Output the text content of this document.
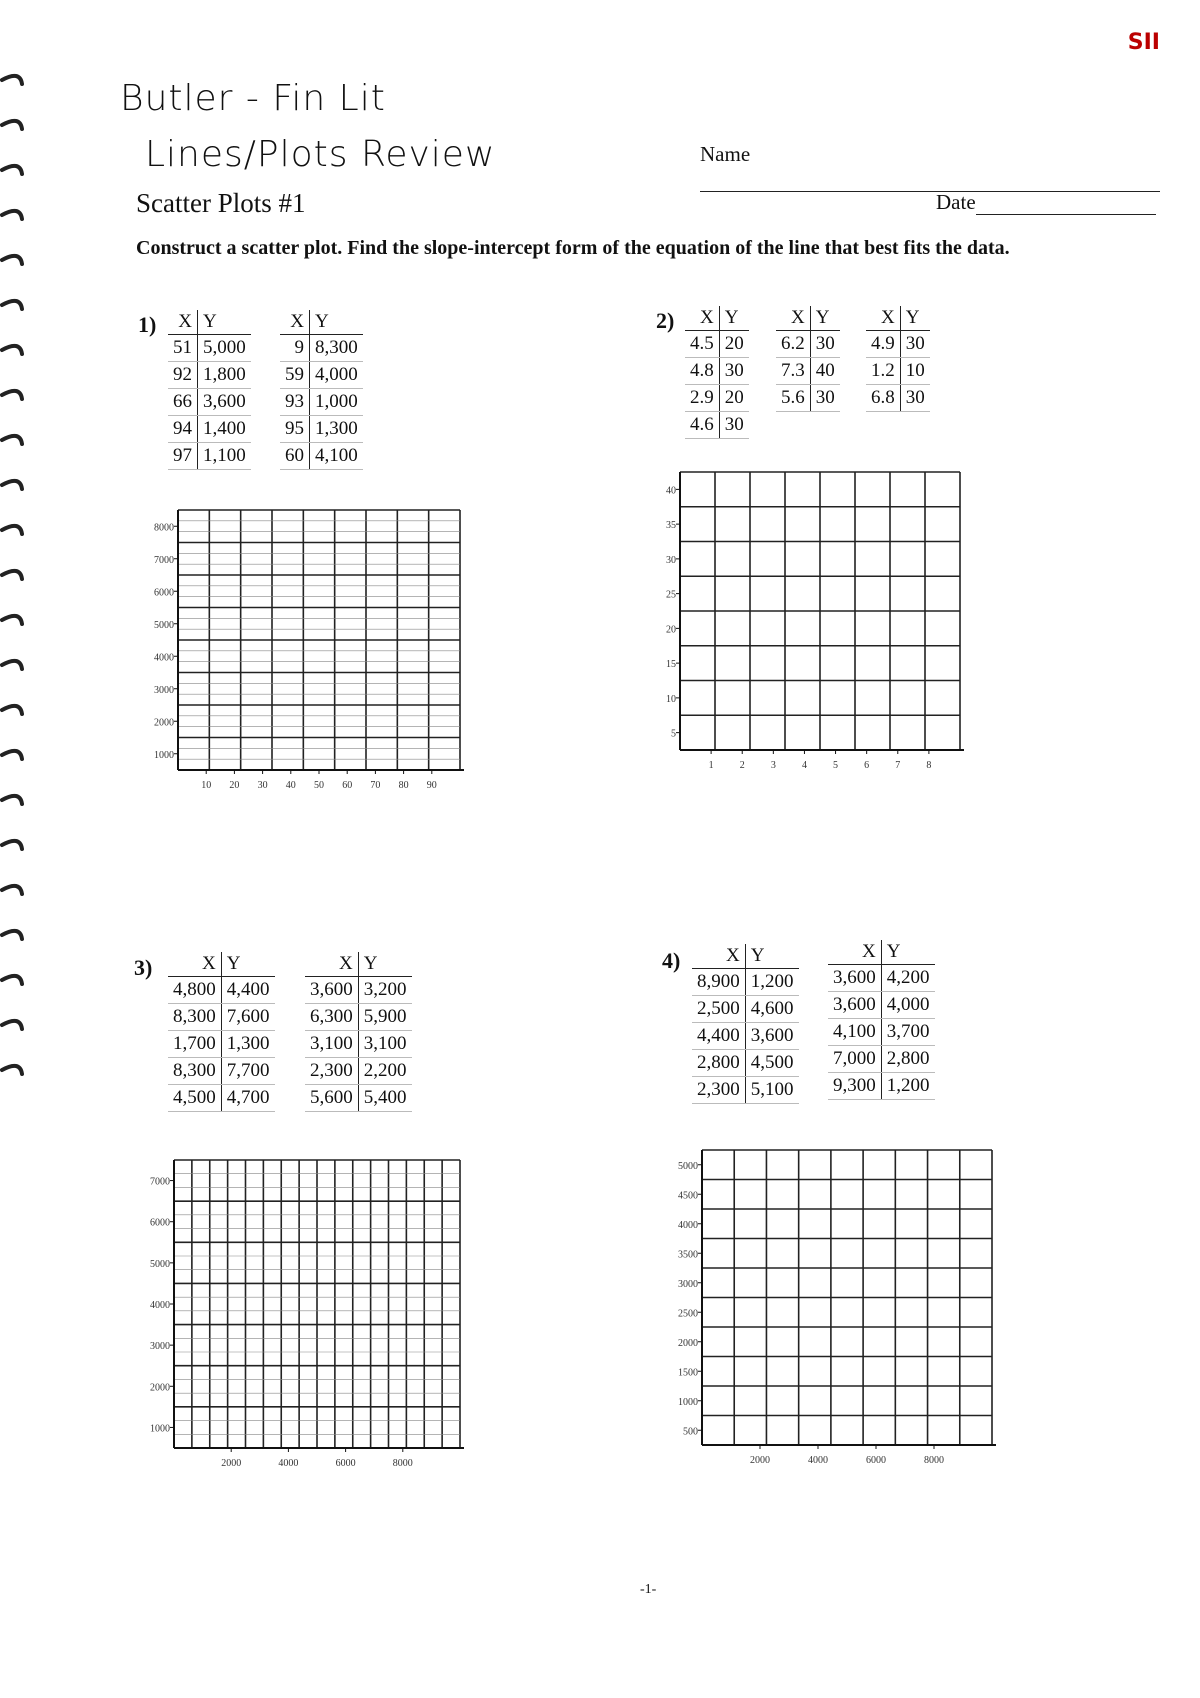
SII
Butler - Fin Lit
Lines/Plots Review	Name
Scatter Plots #1	Date
Construct a scatter plot. Find the slope-intercept form of the equation of the line that best fits the data.
1)	2)
3)	4)
X	Y
51	5,000
92	1,800
66	3,600
94	1,400
97	1,100
X	Y
9	8,300
59	4,000
93	1,000
95	1,300
60	4,100
X	Y
4.5	20
4.8	30
2.9	20
4.6	30
X	Y
6.2	30
7.3	40
5.6	30
X	Y
4.9	30
1.2	10
6.8	30
X	Y
4,800	4,400
8,300	7,600
1,700	1,300
8,300	7,700
4,500	4,700
X	Y
3,600	3,200
6,300	5,900
3,100	3,100
2,300	2,200
5,600	5,400
X	Y
8,900	1,200
2,500	4,600
4,400	3,600
2,800	4,500
2,300	5,100
X	Y
3,600	4,200
3,600	4,000
4,100	3,700
7,000	2,800
9,300	1,200
8000
7000
6000
5000
4000
3000
2000
1000
10 20 30 40 50 60 70 80 90
40
35
30
25
20
15
10
5
1	2	3	4	5	6	7	8
7000
6000
5000
4000
3000
2000
1000
2000	4000	6000	8000
5000
4500
4000
3500
3000
2500
2000
1500
1000
500
2000	4000	6000	8000
-1-
